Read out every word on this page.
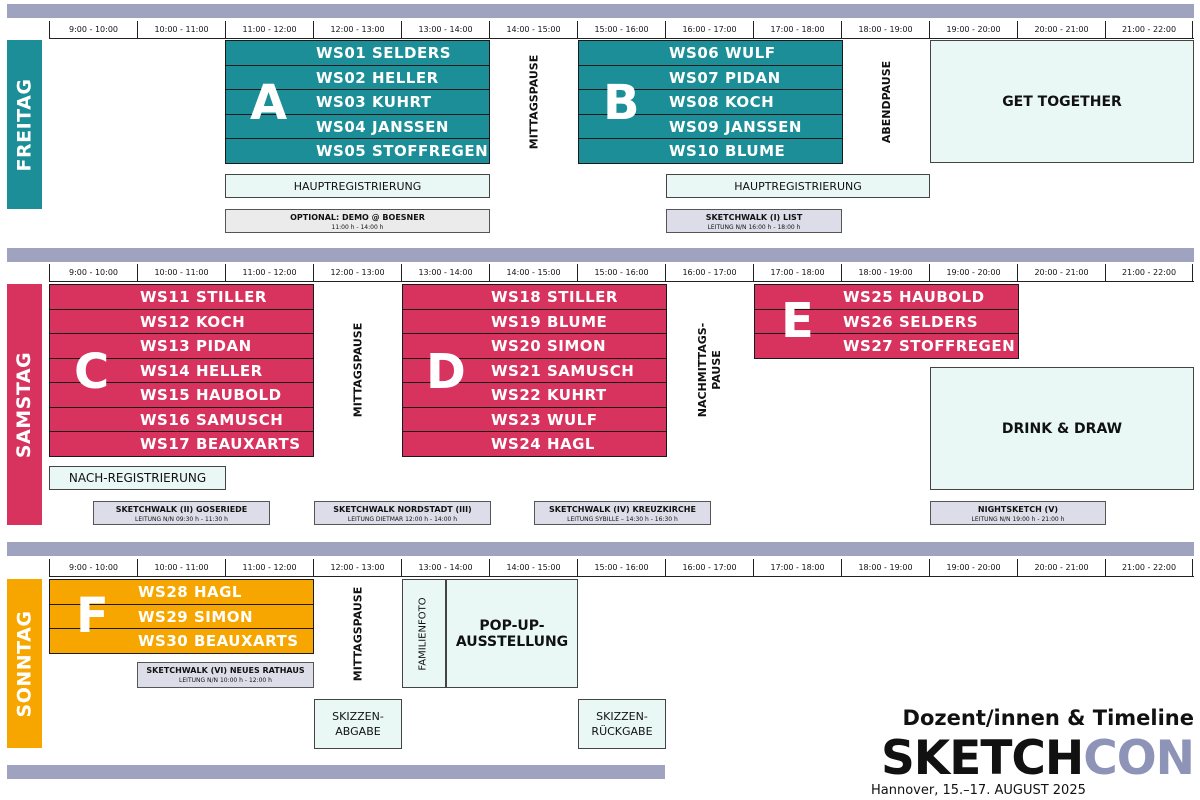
9:00 - 10:00	10:00 - 11:00	11:00 - 12:00	12:00 - 13:00	13:00 - 14:00	14:00 - 15:00	15:00 - 16:00	16:00 - 17:00	17:00 - 18:00	18:00 - 19:00	19:00 - 20:00	20:00 - 21:00	21:00 - 22:00
9:00 - 10:00	10:00 - 11:00	11:00 - 12:00	12:00 - 13:00	13:00 - 14:00	14:00 - 15:00	15:00 - 16:00	16:00 - 17:00	17:00 - 18:00	18:00 - 19:00	19:00 - 20:00	20:00 - 21:00	21:00 - 22:00
9:00 - 10:00	10:00 - 11:00	11:00 - 12:00	12:00 - 13:00	13:00 - 14:00	14:00 - 15:00	15:00 - 16:00	16:00 - 17:00	17:00 - 18:00	18:00 - 19:00	19:00 - 20:00	20:00 - 21:00	21:00 - 22:00
FREITAG
SAMSTAG
SONNTAG
WS01 SELDERS
WS02 HELLER
WS03 KUHRT
WS04 JANSSEN
WS05 STOFFREGEN
A	MITTAGSPAUSE
WS06 WULF
WS07 PIDAN
WS08 KOCH
WS09 JANSSEN
WS10 BLUME
B	ABENDPAUSE	GET TOGETHER
HAUPTREGISTRIERUNG	HAUPTREGISTRIERUNG
OPTIONAL: DEMO @ BOESNER
11:00 h - 14:00 h
SKETCHWALK (I) LIST
LEITUNG N/N 16:00 h - 18:00 h
WS11 STILLER
WS12 KOCH
WS13 PIDAN
WS14 HELLER
WS15 HAUBOLD
WS16 SAMUSCH
WS17 BEAUXARTS
C	MITTAGSPAUSE
WS18 STILLER
WS19 BLUME
WS20 SIMON
WS21 SAMUSCH
WS22 KUHRT
WS23 WULF
WS24 HAGL
D	NACHMITTAGS- PAUSE
WS25 HAUBOLD
WS26 SELDERS
WS27 STOFFREGEN
E
DRINK & DRAW
NACH-REGISTRIERUNG
SKETCHWALK (II) GOSERIEDE
LEITUNG N/N 09:30 h - 11:30 h
SKETCHWALK NORDSTADT (III)
LEITUNG DIETMAR 12:00 h - 14:00 h
SKETCHWALK (IV) KREUZKIRCHE
LEITUNG SYBILLE – 14:30 h - 16:30 h
NIGHTSKETCH (V)
LEITUNG N/N 19:00 h - 21:00 h
WS28 HAGL
WS29 SIMON
WS30 BEAUXARTS
F	MITTAGSPAUSE	FAMILIENFOTO	POP-UP-
AUSSTELLUNG
SKETCHWALK (VI) NEUES RATHAUS
LEITUNG N/N 10:00 h - 12:00 h
SKIZZEN-
ABGABE
SKIZZEN-
RÜCKGABE
Dozent/innen & Timeline
SKETCHCON
Hannover, 15.–17. AUGUST 2025
